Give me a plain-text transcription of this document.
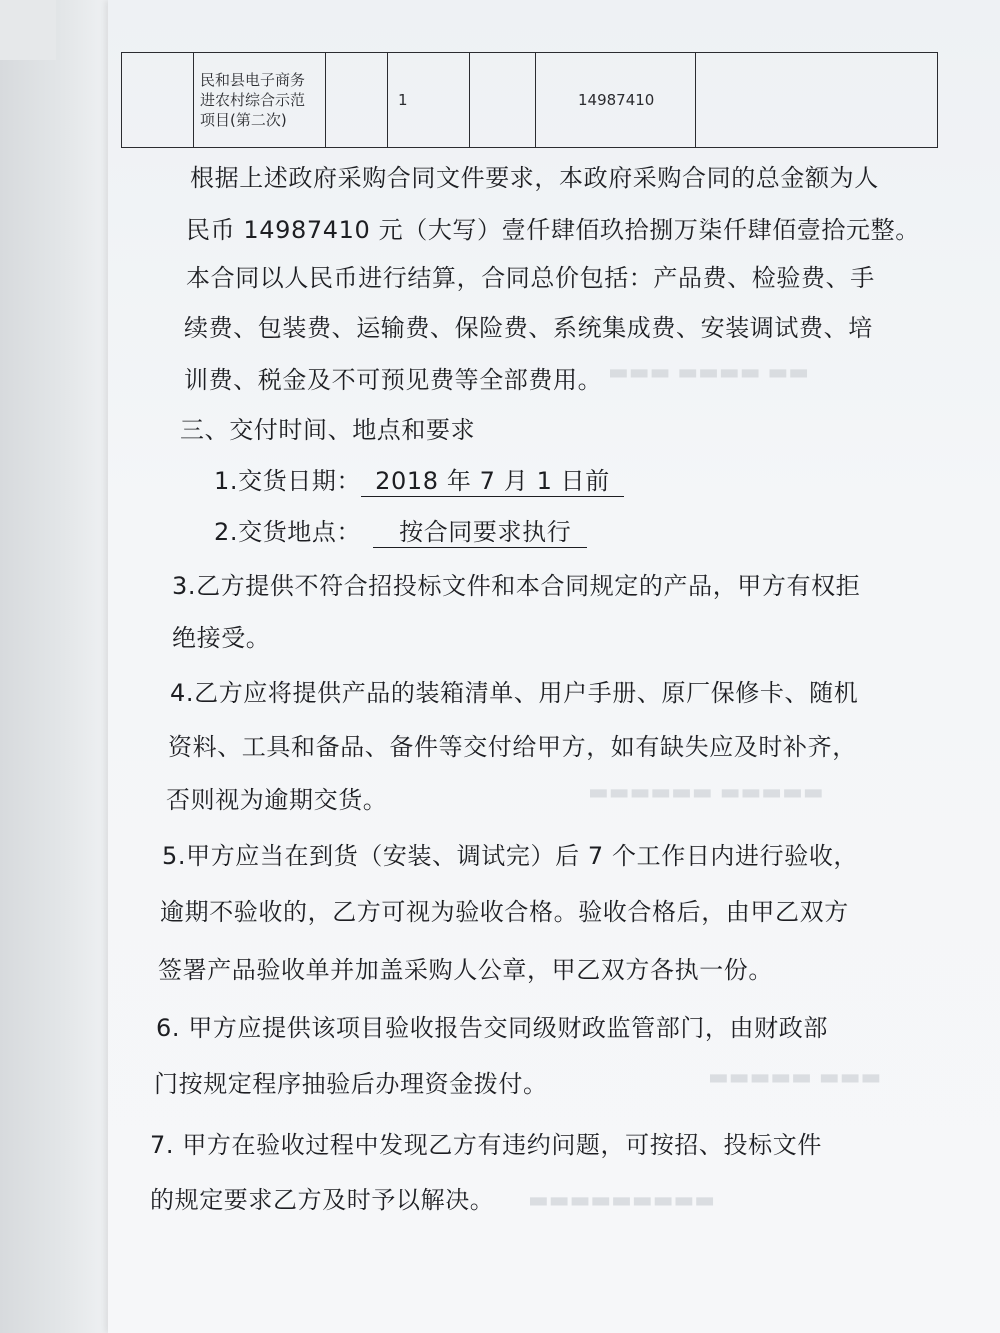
▬▬▬ ▬▬▬▬ ▬▬
▬▬▬▬▬▬ ▬▬▬▬▬
▬▬▬▬▬ ▬▬▬
▬▬▬▬▬▬▬▬▬
民和县电子商务进农村综合示范项目(第二次)
1	14987410
根据上述政府采购合同文件要求，本政府采购合同的总金额为人
民币 14987410 元（大写）壹仟肆佰玖拾捌万柒仟肆佰壹拾元整。
本合同以人民币进行结算，合同总价包括：产品费、检验费、手
续费、包装费、运输费、保险费、系统集成费、安装调试费、培
训费、税金及不可预见费等全部费用。
三、交付时间、地点和要求
1.交货日期： 2018 年 7 月 1 日前
2.交货地点： 按合同要求执行
3.乙方提供不符合招投标文件和本合同规定的产品，甲方有权拒
绝接受。
4.乙方应将提供产品的装箱清单、用户手册、原厂保修卡、随机
资料、工具和备品、备件等交付给甲方，如有缺失应及时补齐，
否则视为逾期交货。
5.甲方应当在到货（安装、调试完）后 7 个工作日内进行验收，
逾期不验收的，乙方可视为验收合格。验收合格后，由甲乙双方
签署产品验收单并加盖采购人公章，甲乙双方各执一份。
6. 甲方应提供该项目验收报告交同级财政监管部门，由财政部
门按规定程序抽验后办理资金拨付。
7. 甲方在验收过程中发现乙方有违约问题，可按招、投标文件
的规定要求乙方及时予以解决。
